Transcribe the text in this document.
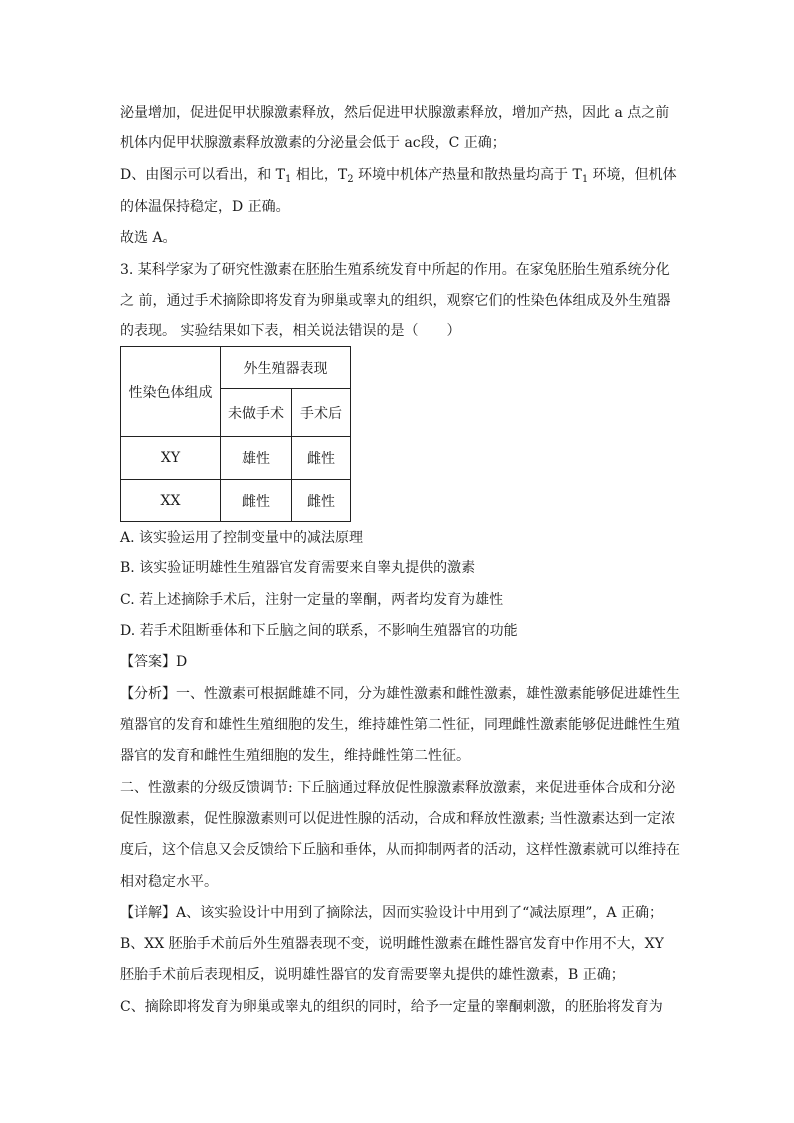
泌量增加，促进促甲状腺激素释放，然后促进甲状腺激素释放，增加产热，因此 a 点之前
机体内促甲状腺激素释放激素的分泌量会低于 ac段，C 正确；
D、由图示可以看出，和 $T_1$ 相比，$T_2$ 环境中机体产热量和散热量均高于 $T_1$ 环境，但机体
的体温保持稳定，D 正确。
故选 A。
3. 某科学家为了研究性激素在胚胎生殖系统发育中所起的作用。在家兔胚胎生殖系统分化
之 前，通过手术摘除即将发育为卵巢或睾丸的组织，观察它们的性染色体组成及外生殖器
的表现。 实验结果如下表，相关说法错误的是（　　）
性染色体组成	外生殖器表现	
	未做手术	手术后
XY	雄性	雌性
XX	雌性	雌性
A. 该实验运用了控制变量中的减法原理
B. 该实验证明雄性生殖器官发育需要来自睾丸提供的激素
C. 若上述摘除手术后，注射一定量的睾酮，两者均发育为雄性
D. 若手术阻断垂体和下丘脑之间的联系，不影响生殖器官的功能
【答案】D
【分析】一、性激素可根据雌雄不同，分为雄性激素和雌性激素，雄性激素能够促进雄性生
殖器官的发育和雄性生殖细胞的发生，维持雄性第二性征，同理雌性激素能够促进雌性生殖
器官的发育和雌性生殖细胞的发生，维持雌性第二性征。
二、性激素的分级反馈调节: 下丘脑通过释放促性腺激素释放激素，来促进垂体合成和分泌
促性腺激素，促性腺激素则可以促进性腺的活动，合成和释放性激素; 当性激素达到一定浓
度后，这个信息又会反馈给下丘脑和垂体，从而抑制两者的活动，这样性激素就可以维持在
相对稳定水平。
【详解】A、该实验设计中用到了摘除法，因而实验设计中用到了“减法原理”，A 正确；
B、XX 胚胎手术前后外生殖器表现不变，说明雌性激素在雌性器官发育中作用不大，XY
胚胎手术前后表现相反，说明雄性器官的发育需要睾丸提供的雄性激素，B 正确；
C、摘除即将发育为卵巢或睾丸的组织的同时，给予一定量的睾酮刺激，的胚胎将发育为
